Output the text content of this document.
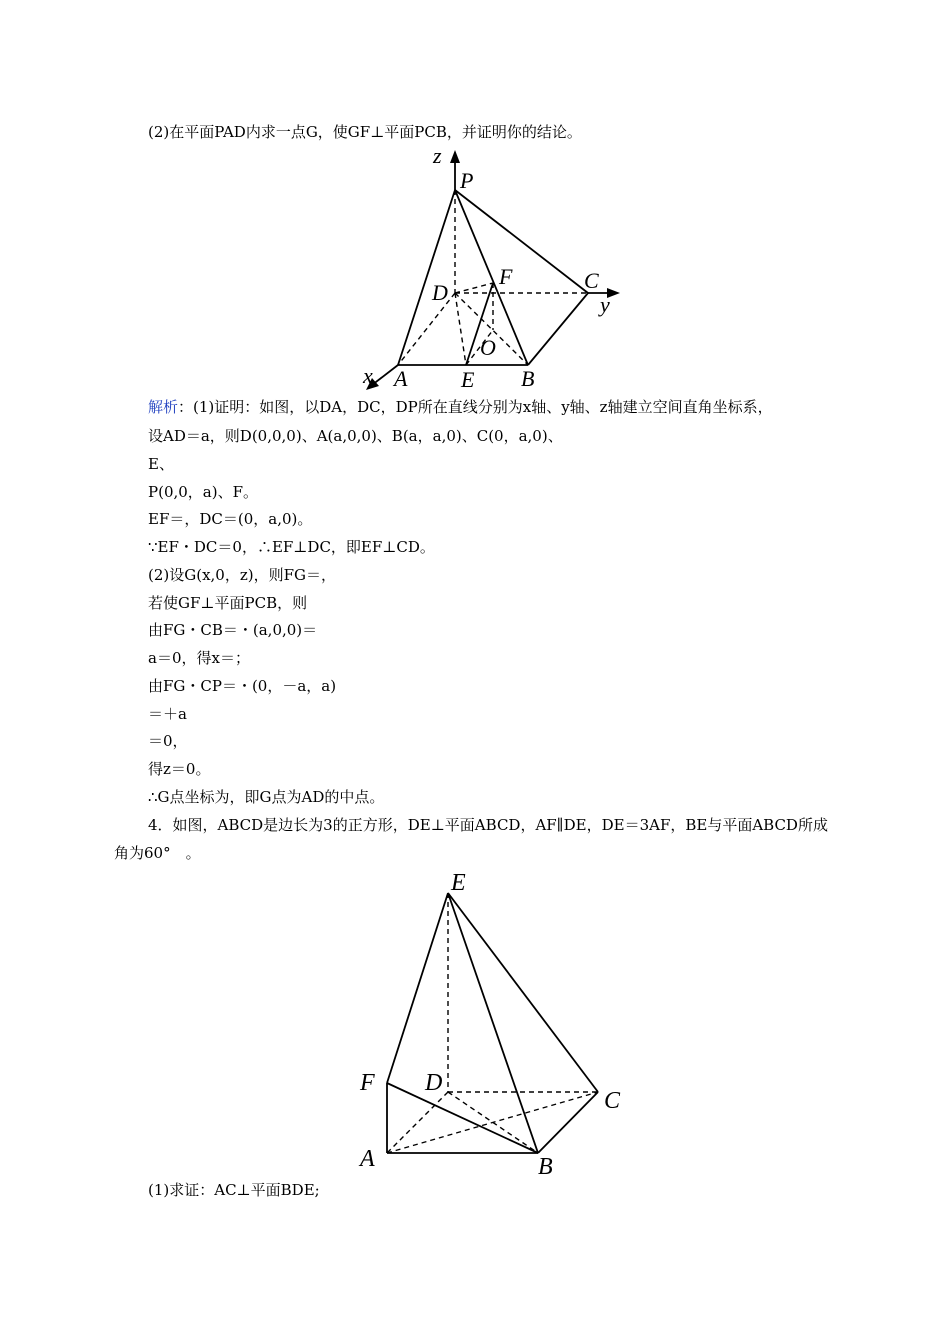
(2)在平面PAD内求一点G，使GF⊥平面PCB，并证明你的结论。
z
P
C
y
D
F
O
x A E B
解析：(1)证明：如图，以DA，DC，DP所在直线分别为x轴、y轴、z轴建立空间直角坐标系，
设AD＝a，则D(0,0,0)、A(a,0,0)、B(a，a,0)、C(0，a,0)、
E、
P(0,0，a)、F。
EF＝，DC＝(0，a,0)。
∵EF・DC＝0，∴EF⊥DC，即EF⊥CD。
(2)设G(x,0，z)，则FG＝，
若使GF⊥平面PCB，则
由FG・CB＝・(a,0,0)＝
a＝0，得x＝；
由FG・CP＝・(0，－a，a)
＝＋a
＝0，
得z＝0。
∴G点坐标为，即G点为AD的中点。
4．如图，ABCD是边长为3的正方形，DE⊥平面ABCD，AF∥DE，DE＝3AF，BE与平面ABCD所成
角为60°　。
E
F D
C
A	B
(1)求证：AC⊥平面BDE;
